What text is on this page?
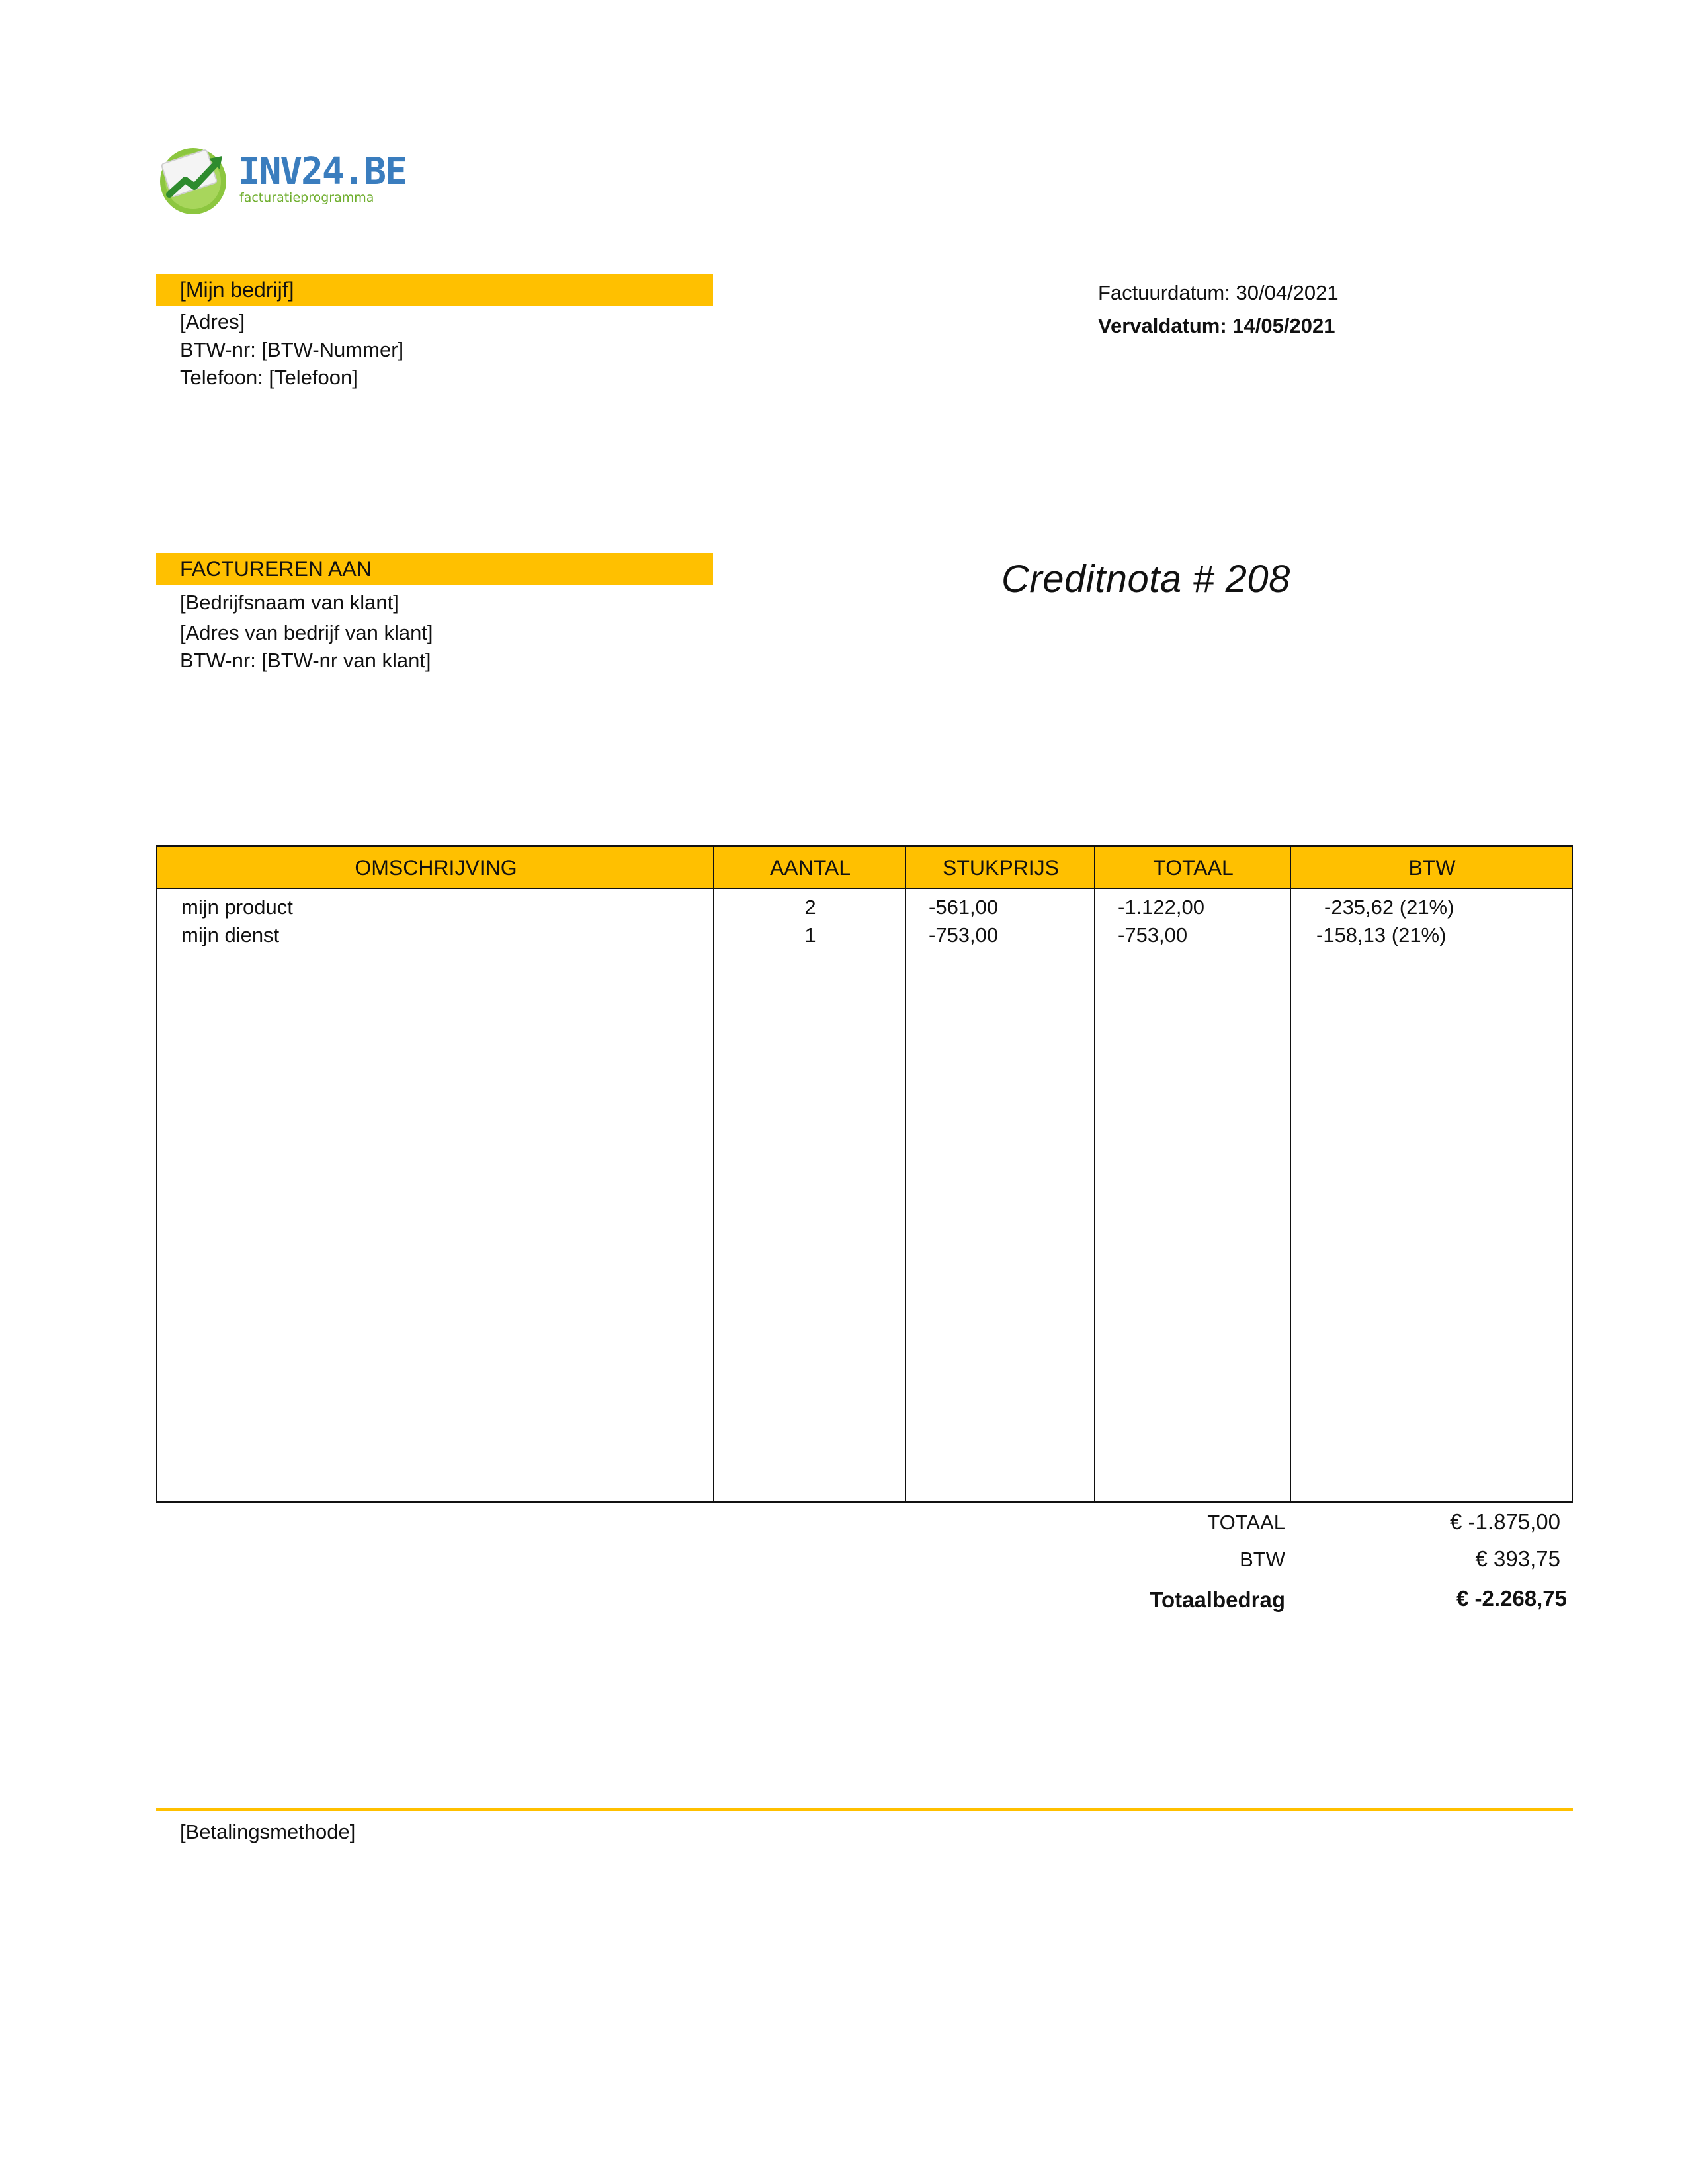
INV24.BE
facturatieprogramma
[Mijn bedrijf]
[Adres]
BTW-nr: [BTW-Nummer]
Telefoon: [Telefoon]
Factuurdatum: 30/04/2021
Vervaldatum: 14/05/2021
FACTUREREN AAN
[Bedrijfsnaam van klant]
[Adres van bedrijf van klant]
BTW-nr: [BTW-nr van klant]
Creditnota # 208
OMSCHRIJVING	AANTAL	STUKPRIJS	TOTAAL	BTW
mijn product	2	-561,00	-1.122,00	-235,62 (21%)
mijn dienst	1	-753,00	-753,00	-158,13 (21%)
TOTAAL	€ -1.875,00
BTW	€ 393,75
Totaalbedrag	€ -2.268,75
[Betalingsmethode]
